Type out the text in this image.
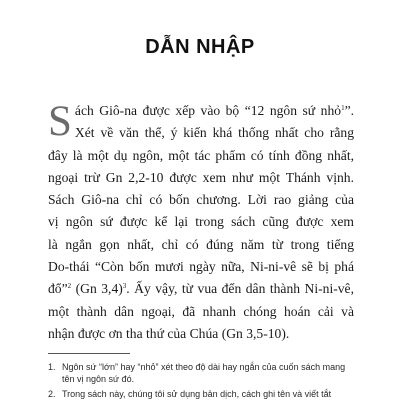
DẪN NHẬP
S ách Giô-na được xếp vào bộ “12 ngôn sứ nhỏ$^1$”.
Xét về văn thể, ý kiến khá thống nhất cho rằng
đây là một dụ ngôn, một tác phẩm có tính đồng nhất,
ngoại trừ Gn 2,2-10 được xem như một Thánh vịnh.
Sách Giô-na chỉ có bốn chương. Lời rao giảng của
vị ngôn sứ được kể lại trong sách cũng được xem
là ngắn gọn nhất, chỉ có đúng năm từ trong tiếng
Do-thái “Còn bốn mươi ngày nữa, Ni-ni-vê sẽ bị phá
đổ”$^2$ (Gn 3,4)$^3$. Ấy vậy, từ vua đến dân thành Ni-ni-vê,
một thành dân ngoại, đã nhanh chóng hoán cải và
nhận được ơn tha thứ của Chúa (Gn 3,5-10).
1. Ngôn sứ “lớn” hay “nhỏ” xét theo độ dài hay ngắn của cuốn sách mang
tên vị ngôn sứ đó.
2. Trong sách này, chúng tôi sử dụng bản dịch, cách ghi tên và viết tắt
